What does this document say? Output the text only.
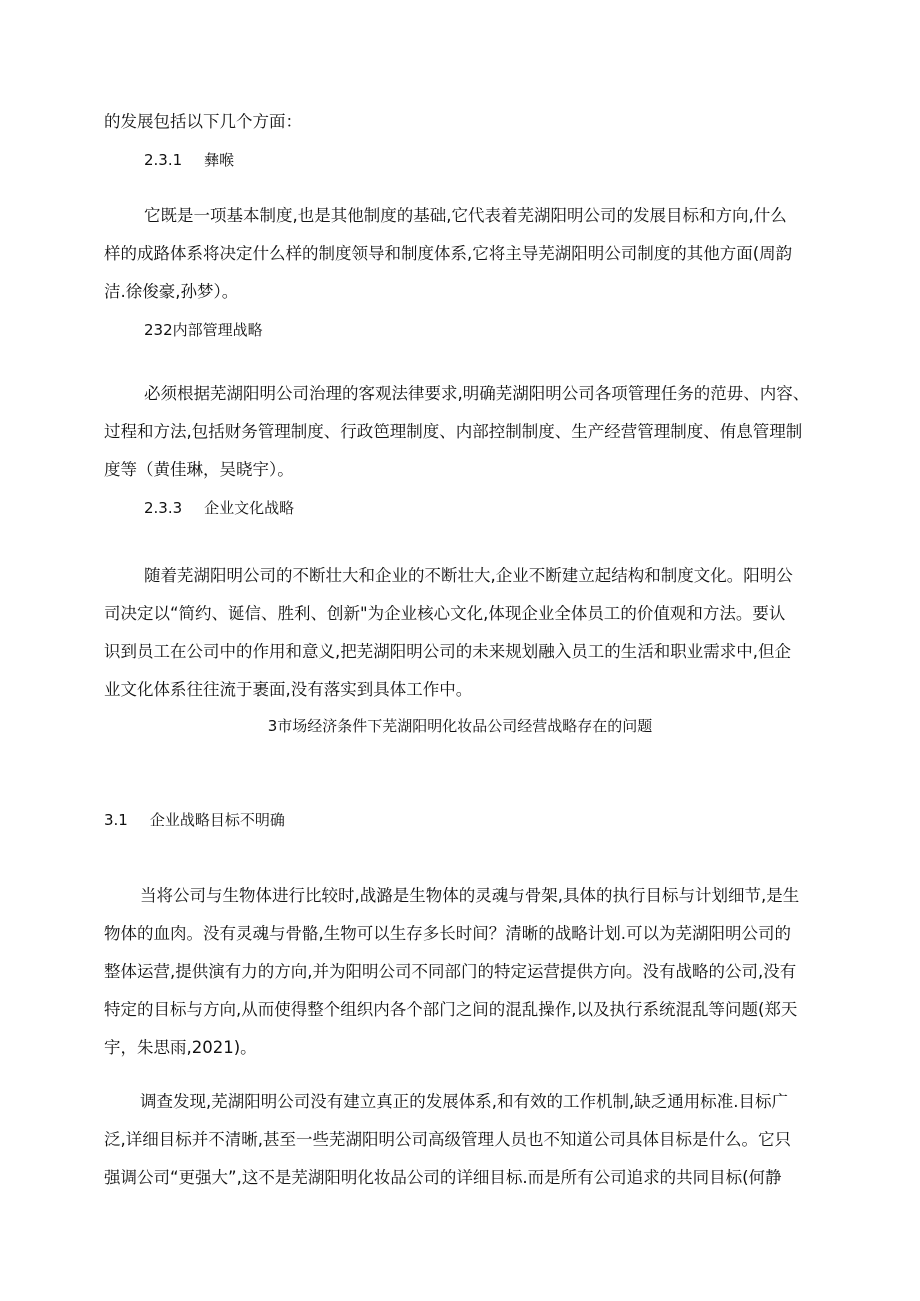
的发展包括以下几个方面：
2.3.1 彝喉
它既是一项基本制度,也是其他制度的基础,它代表着芜湖阳明公司的发展目标和方向,什么
样的成路体系将决定什么样的制度领导和制度体系,它将主导芜湖阳明公司制度的其他方面(周韵
洁.徐俊豪,孙梦）。
232内部管理战略
必须根据芜湖阳明公司治理的客观法律要求,明确芜湖阳明公司各项管理任务的范毋、内容、
过程和方法,包括财务管理制度、行政笆理制度、内部控制制度、生产经营管理制度、侑息管理制
度等（黄佳琳，吴晓宇）。
2.3.3 企业文化战略
随着芜湖阳明公司的不断壮大和企业的不断壮大,企业不断建立起结构和制度文化。阳明公
司决定以“简约、诞信、胜利、创新"为企业核心文化,体现企业全体员工的价值观和方法。要认
识到员工在公司中的作用和意义,把芜湖阳明公司的未来规划融入员工的生活和职业需求中,但企
业文化体系往往流于裹面,没有落实到具体工作中。
3市场经济条件下芜湖阳明化妆品公司经营战略存在的问题
3.1 企业战略目标不明确
当将公司与生物体进行比较时,战潞是生物体的灵魂与骨架,具体的执行目标与计划细节,是生
物体的血肉。没有灵魂与骨骼,生物可以生存多长时间？清晰的战略计划.可以为芜湖阳明公司的
整体运营,提供演有力的方向,并为阳明公司不同部门的特定运营提供方向。没有战略的公司,没有
特定的目标与方向,从而使得整个组织内各个部门之间的混乱操作,以及执行系统混乱等问题(郑天
宇，朱思雨,2021)。
调查发现,芜湖阳明公司没有建立真正的发展体系,和有效的工作机制,缺乏通用标准.目标广
泛,详细目标并不清晰,甚至一些芜湖阳明公司高级管理人员也不知道公司具体目标是什么。它只
强调公司“更强大”,这不是芜湖阳明化妆品公司的详细目标.而是所有公司追求的共同目标(何静
